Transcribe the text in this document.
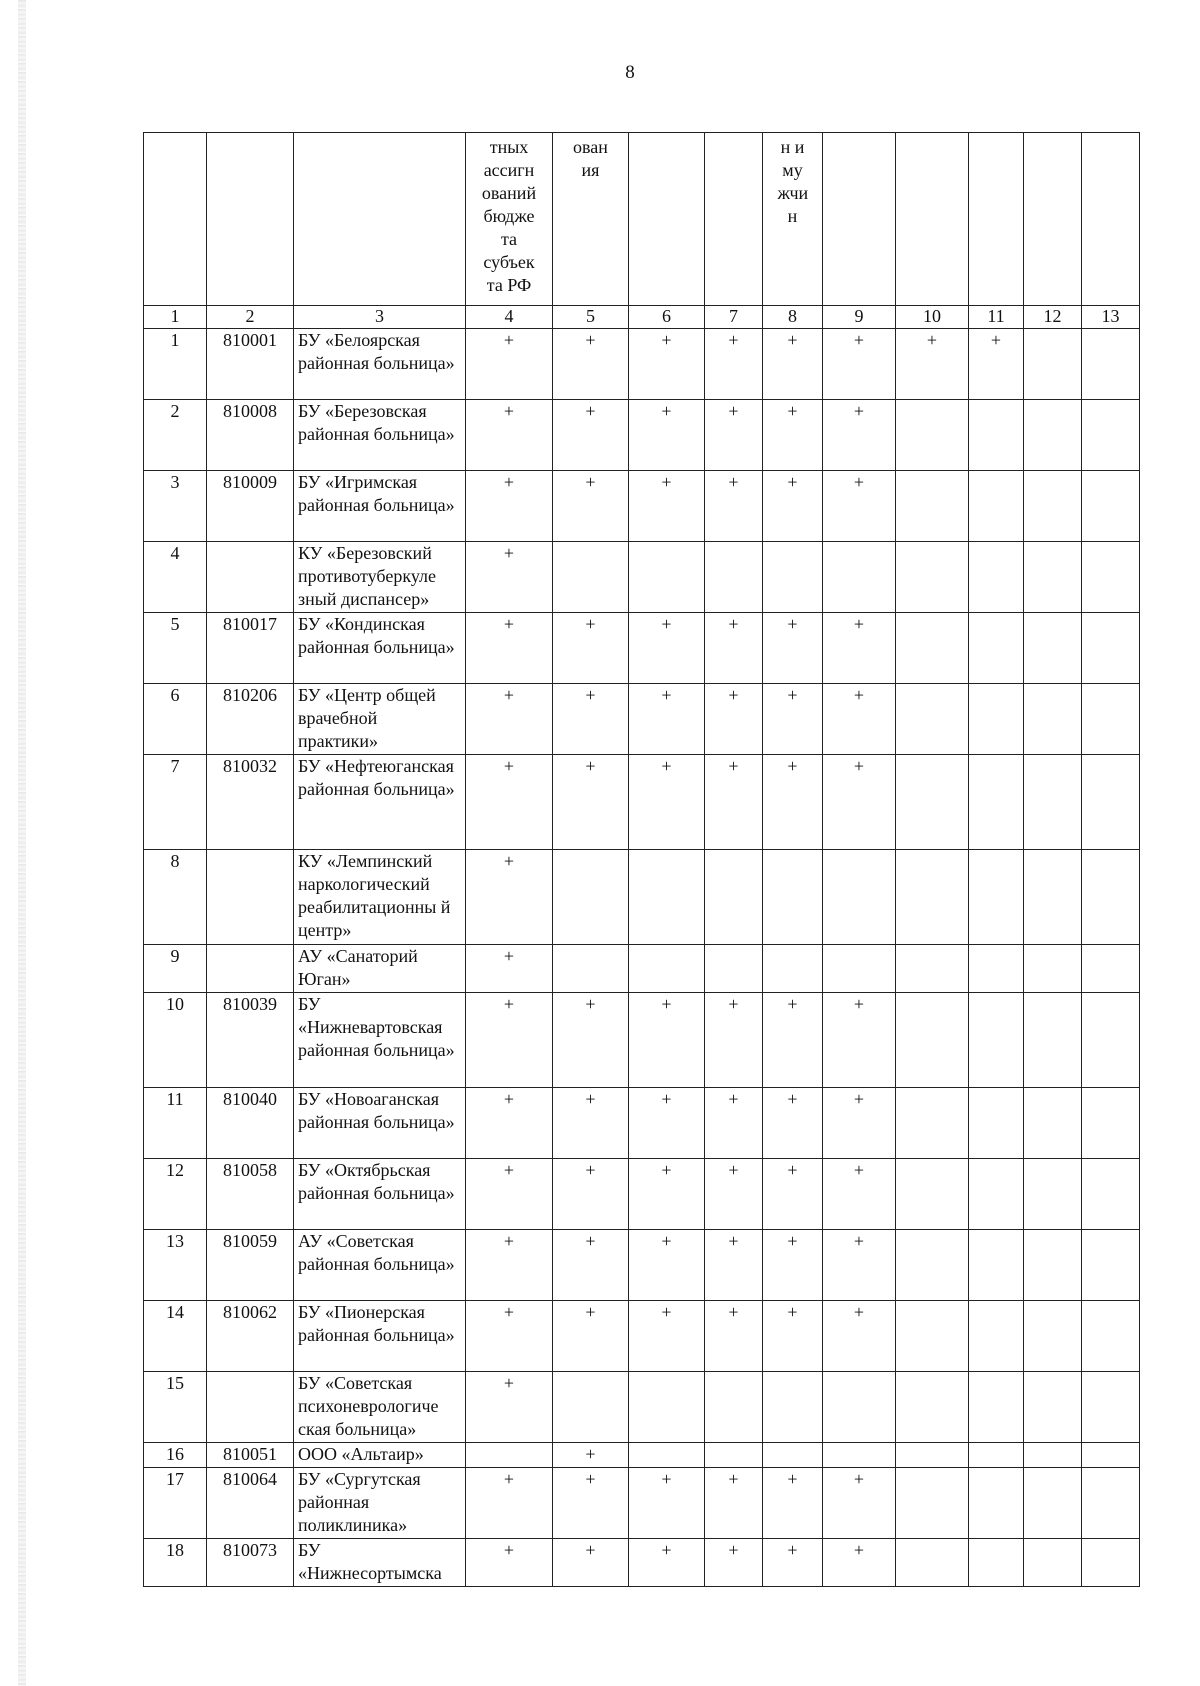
8

			тных ассигн ований бюдже та субъек та РФ	ован ия			н и му жчи н					

1	2	3	4	5	6	7	8	9	10	11	12	13
1	810001	БУ «Белоярская районная больница»	+	+	+	+	+	+	+	+		
2	810008	БУ «Березовская районная больница»	+	+	+	+	+	+				
3	810009	БУ «Игримская районная больница»	+	+	+	+	+	+				
4		КУ «Березовский противотуберкуле зный диспансер»	+									
5	810017	БУ «Кондинская районная больница»	+	+	+	+	+	+				
6	810206	БУ «Центр общей врачебной практики»	+	+	+	+	+	+				
7	810032	БУ «Нефтеюганская районная больница»	+	+	+	+	+	+				
8		КУ «Лемпинский наркологический реабилитационны й центр»	+									
9		АУ «Санаторий Юган»	+									
10	810039	БУ «Нижневартовская районная больница»	+	+	+	+	+	+				
11	810040	БУ «Новоаганская районная больница»	+	+	+	+	+	+				
12	810058	БУ «Октябрьская районная больница»	+	+	+	+	+	+				
13	810059	АУ «Советская районная больница»	+	+	+	+	+	+				
14	810062	БУ «Пионерская районная больница»	+	+	+	+	+	+				
15		БУ «Советская психоневрологиче ская больница»	+									
16	810051	ООО «Альтаир»		+								
17	810064	БУ «Сургутская районная поликлиника»	+	+	+	+	+	+				
18	810073	БУ «Нижнесортымска	+	+	+	+	+	+				
